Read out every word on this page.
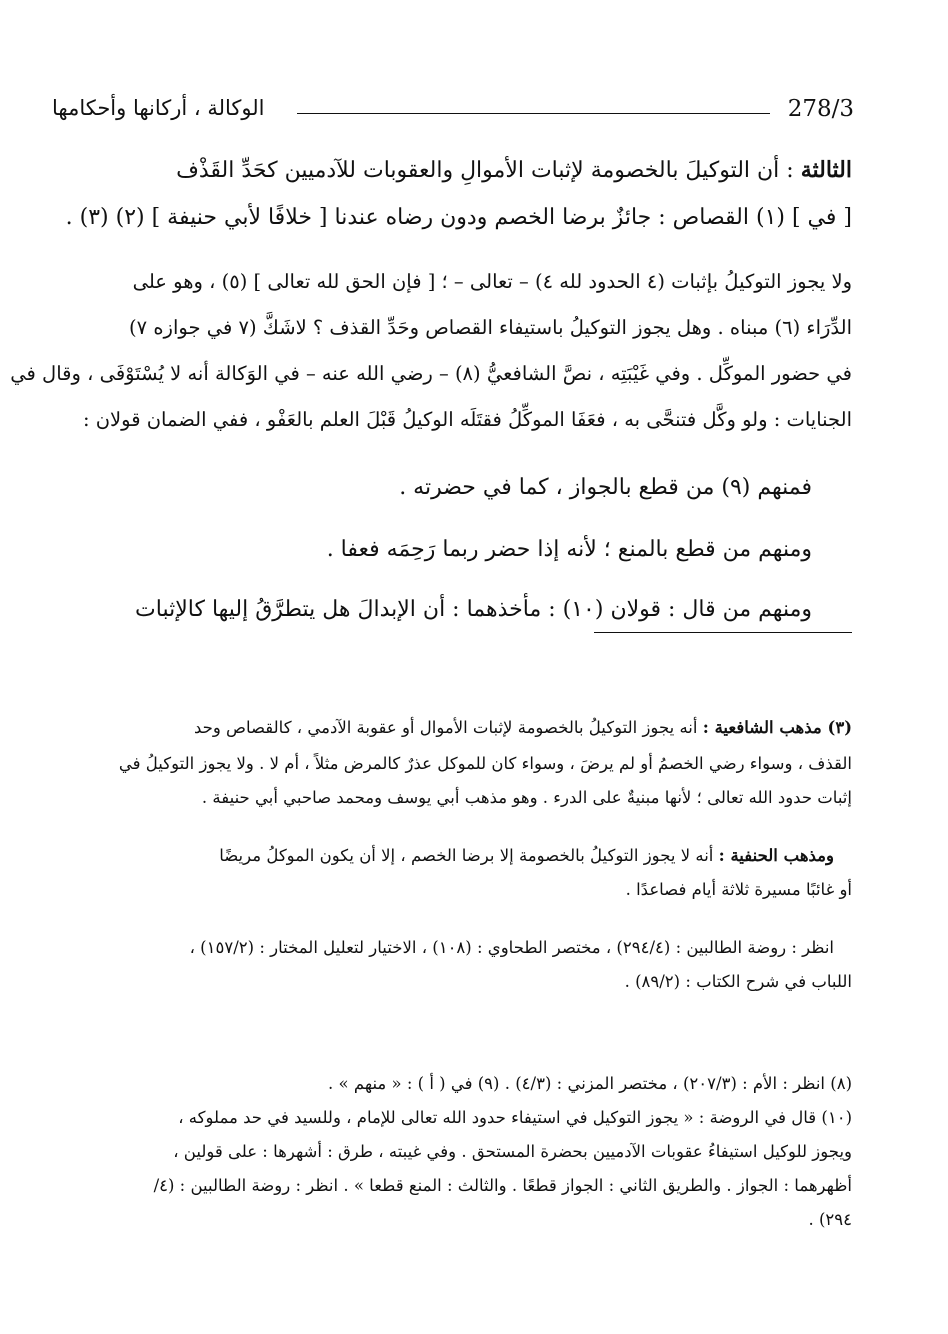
278/3
الوكالة ، أركانها وأحكامها
الثالثة : أن التوكيلَ بالخصومة لإثبات الأموالِ والعقوبات للآدميين كحَدِّ القَذْف
[ في ] (١) القصاص : جائزٌ برضا الخصم ودون رضاه عندنا [ خلافًا لأبي حنيفة ] (٢) (٣) .
ولا يجوز التوكيلُ بإثبات (٤ الحدود لله ٤) – تعالى – ؛ [ فإن الحق لله تعالى ] (٥) ، وهو على
الدِّرَاء (٦) مبناه . وهل يجوز التوكيلُ باستيفاء القصاص وحَدِّ القذف ؟ لاشَكَّ (٧ في جوازه ٧)
في حضور الموكِّل . وفي غَيْبَتِه ، نصَّ الشافعيُّ (٨) – رضي الله عنه – في الوَكالة أنه لا يُسْتَوْفَى ، وقال في
الجنايات : ولو وكَّل فتنحَّى به ، فعَفَا الموكِّلُ فقتَلَه الوكيلُ قَبْلَ العلم بالعَفْو ، ففي الضمان قولان :
فمنهم (٩) من قطع بالجواز ، كما في حضرته .
ومنهم من قطع بالمنع ؛ لأنه إذا حضر ربما رَحِمَه فعفا .
ومنهم من قال : قولان (١٠) : مأخذهما : أن الإبدالَ هل يتطرَّقُ إليها كالإثبات
(٣) مذهب الشافعية : أنه يجوز التوكيلُ بالخصومة لإثبات الأموال أو عقوبة الآدمي ، كالقصاص وحد
القذف ، وسواء رضي الخصمُ أو لم يرضَ ، وسواء كان للموكل عذرٌ كالمرض مثلاً ، أم لا . ولا يجوز التوكيلُ في
إثبات حدود الله تعالى ؛ لأنها مبنيةٌ على الدرء . وهو مذهب أبي يوسف ومحمد صاحبي أبي حنيفة .
ومذهب الحنفية : أنه لا يجوز التوكيلُ بالخصومة إلا برضا الخصم ، إلا أن يكون الموكلُ مريضًا
أو غائبًا مسيرة ثلاثة أيام فصاعدًا .
انظر : روضة الطالبين : (٢٩٤/٤) ، مختصر الطحاوي : (١٠٨) ، الاختيار لتعليل المختار : (١٥٧/٢) ،
اللباب في شرح الكتاب : (٨٩/٢) .
(٨) انظر : الأم : (٢٠٧/٣) ، مختصر المزني : (٤/٣) . (٩) في ( أ ) : « منهم » .
(١٠) قال في الروضة : « يجوز التوكيل في استيفاء حدود الله تعالى للإمام ، وللسيد في حد مملوكه ،
ويجوز للوكيل استيفاءُ عقوبات الآدميين بحضرة المستحق . وفي غيبته ، طرق : أشهرها : على قولين ،
أظهرهما : الجواز . والطريق الثاني : الجواز قطعًا . والثالث : المنع قطعا » . انظر : روضة الطالبين : (٤/
٢٩٤) .
